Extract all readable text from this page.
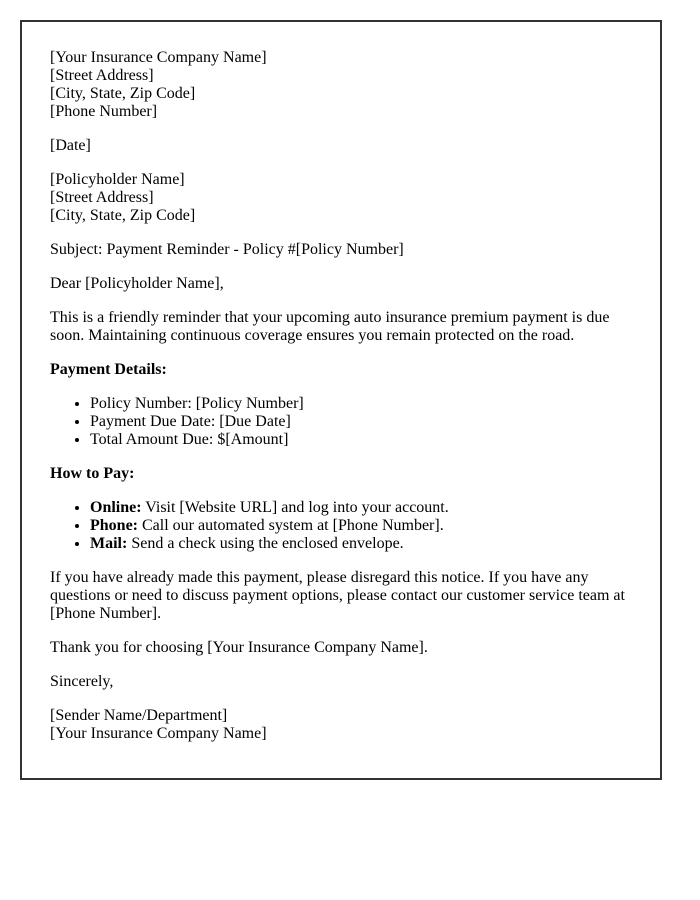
[Your Insurance Company Name]
[Street Address]
[City, State, Zip Code]
[Phone Number]

[Date]

[Policyholder Name]
[Street Address]
[City, State, Zip Code]

Subject: Payment Reminder - Policy #[Policy Number]

Dear [Policyholder Name],

This is a friendly reminder that your upcoming auto insurance premium payment is due soon. Maintaining continuous coverage ensures you remain protected on the road.

Payment Details:

• Policy Number: [Policy Number]
• Payment Due Date: [Due Date]
• Total Amount Due: $[Amount]

How to Pay:

• Online: Visit [Website URL] and log into your account.
• Phone: Call our automated system at [Phone Number].
• Mail: Send a check using the enclosed envelope.

If you have already made this payment, please disregard this notice. If you have any questions or need to discuss payment options, please contact our customer service team at [Phone Number].

Thank you for choosing [Your Insurance Company Name].

Sincerely,

[Sender Name/Department]
[Your Insurance Company Name]
